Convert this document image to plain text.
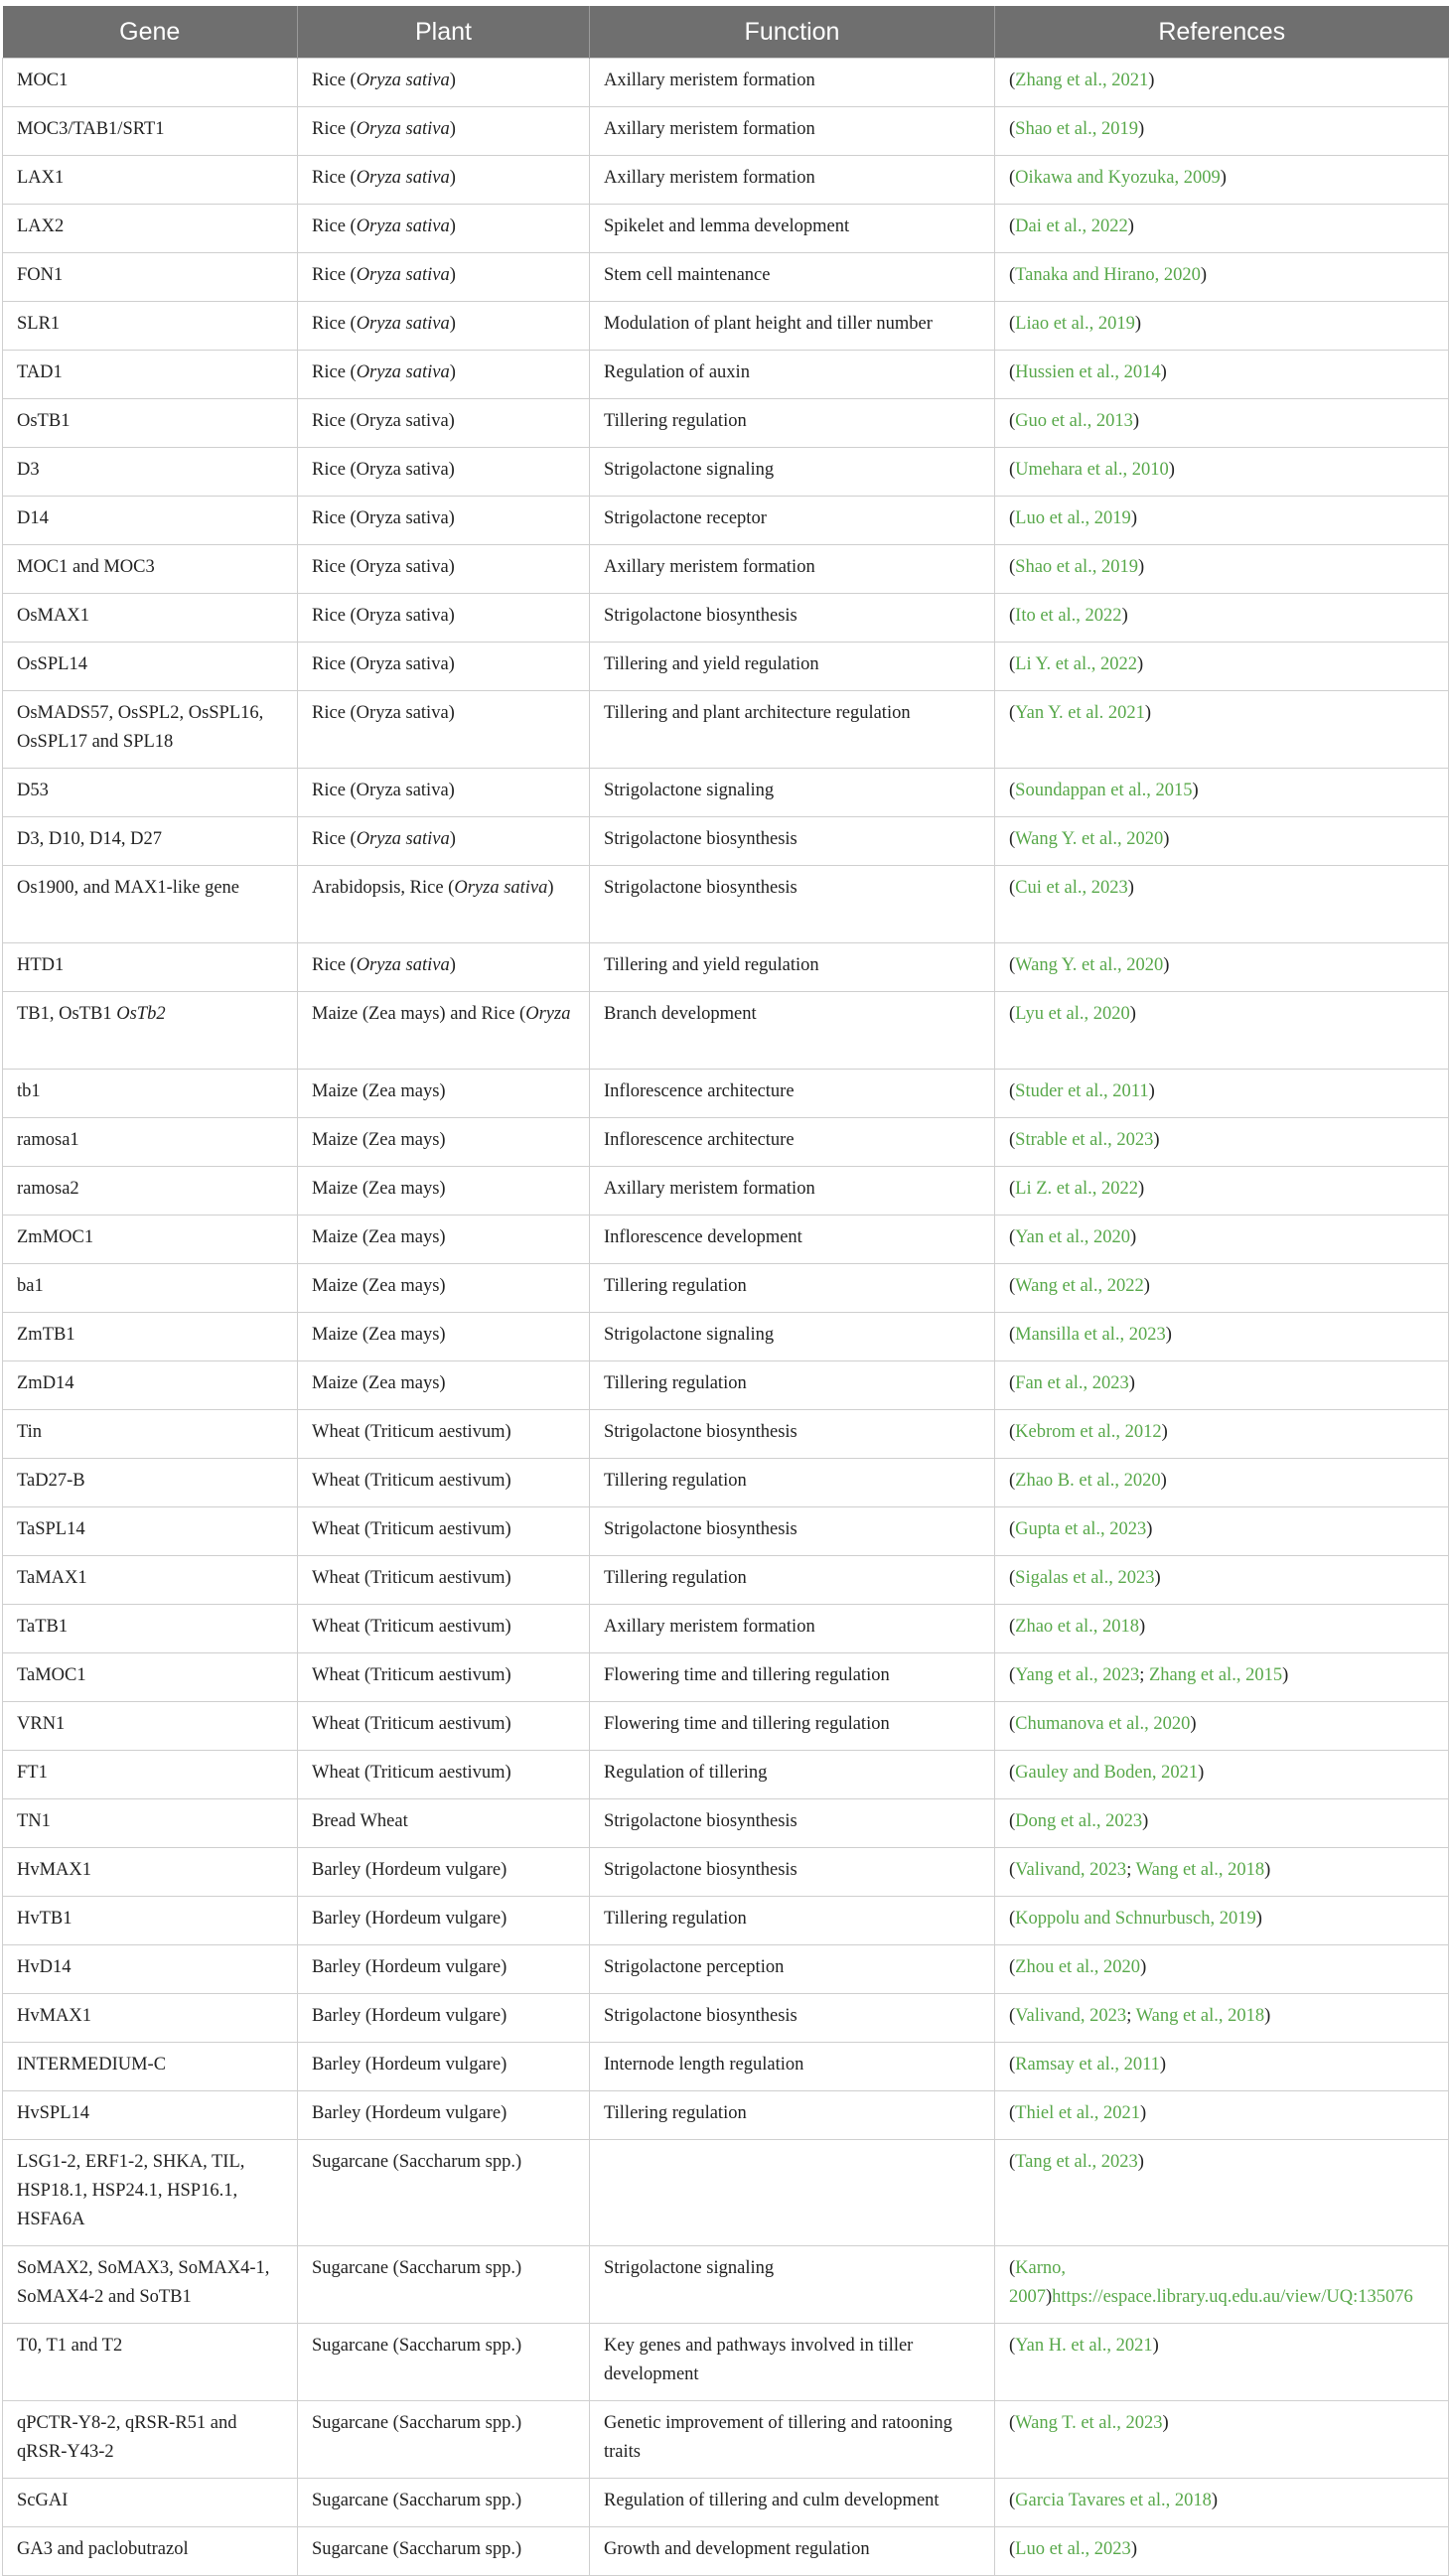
Gene	Plant	Function	References
MOC1	Rice (Oryza sativa)	Axillary meristem formation	(Zhang et al., 2021)
MOC3/TAB1/SRT1	Rice (Oryza sativa)	Axillary meristem formation	(Shao et al., 2019)
LAX1	Rice (Oryza sativa)	Axillary meristem formation	(Oikawa and Kyozuka, 2009)
LAX2	Rice (Oryza sativa)	Spikelet and lemma development	(Dai et al., 2022)
FON1	Rice (Oryza sativa)	Stem cell maintenance	(Tanaka and Hirano, 2020)
SLR1	Rice (Oryza sativa)	Modulation of plant height and tiller number	(Liao et al., 2019)
TAD1	Rice (Oryza sativa)	Regulation of auxin	(Hussien et al., 2014)
OsTB1	Rice (Oryza sativa)	Tillering regulation	(Guo et al., 2013)
D3	Rice (Oryza sativa)	Strigolactone signaling	(Umehara et al., 2010)
D14	Rice (Oryza sativa)	Strigolactone receptor	(Luo et al., 2019)
MOC1 and MOC3	Rice (Oryza sativa)	Axillary meristem formation	(Shao et al., 2019)
OsMAX1	Rice (Oryza sativa)	Strigolactone biosynthesis	(Ito et al., 2022)
OsSPL14	Rice (Oryza sativa)	Tillering and yield regulation	(Li Y. et al., 2022)
OsMADS57, OsSPL2, OsSPL16, OsSPL17 and SPL18	Rice (Oryza sativa)	Tillering and plant architecture regulation	(Yan Y. et al. 2021)
D53	Rice (Oryza sativa)	Strigolactone signaling	(Soundappan et al., 2015)
D3, D10, D14, D27	Rice (Oryza sativa)	Strigolactone biosynthesis	(Wang Y. et al., 2020)
Os1900, and MAX1-like gene	Arabidopsis, Rice (Oryza sativa)	Strigolactone biosynthesis	(Cui et al., 2023)
HTD1	Rice (Oryza sativa)	Tillering and yield regulation	(Wang Y. et al., 2020)
TB1, OsTB1 OsTb2	Maize (Zea mays) and Rice (Oryza	Branch development	(Lyu et al., 2020)
tb1	Maize (Zea mays)	Inflorescence architecture	(Studer et al., 2011)
ramosa1	Maize (Zea mays)	Inflorescence architecture	(Strable et al., 2023)
ramosa2	Maize (Zea mays)	Axillary meristem formation	(Li Z. et al., 2022)
ZmMOC1	Maize (Zea mays)	Inflorescence development	(Yan et al., 2020)
ba1	Maize (Zea mays)	Tillering regulation	(Wang et al., 2022)
ZmTB1	Maize (Zea mays)	Strigolactone signaling	(Mansilla et al., 2023)
ZmD14	Maize (Zea mays)	Tillering regulation	(Fan et al., 2023)
Tin	Wheat (Triticum aestivum)	Strigolactone biosynthesis	(Kebrom et al., 2012)
TaD27-B	Wheat (Triticum aestivum)	Tillering regulation	(Zhao B. et al., 2020)
TaSPL14	Wheat (Triticum aestivum)	Strigolactone biosynthesis	(Gupta et al., 2023)
TaMAX1	Wheat (Triticum aestivum)	Tillering regulation	(Sigalas et al., 2023)
TaTB1	Wheat (Triticum aestivum)	Axillary meristem formation	(Zhao et al., 2018)
TaMOC1	Wheat (Triticum aestivum)	Flowering time and tillering regulation	(Yang et al., 2023; Zhang et al., 2015)
VRN1	Wheat (Triticum aestivum)	Flowering time and tillering regulation	(Chumanova et al., 2020)
FT1	Wheat (Triticum aestivum)	Regulation of tillering	(Gauley and Boden, 2021)
TN1	Bread Wheat	Strigolactone biosynthesis	(Dong et al., 2023)
HvMAX1	Barley (Hordeum vulgare)	Strigolactone biosynthesis	(Valivand, 2023; Wang et al., 2018)
HvTB1	Barley (Hordeum vulgare)	Tillering regulation	(Koppolu and Schnurbusch, 2019)
HvD14	Barley (Hordeum vulgare)	Strigolactone perception	(Zhou et al., 2020)
HvMAX1	Barley (Hordeum vulgare)	Strigolactone biosynthesis	(Valivand, 2023; Wang et al., 2018)
INTERMEDIUM-C	Barley (Hordeum vulgare)	Internode length regulation	(Ramsay et al., 2011)
HvSPL14	Barley (Hordeum vulgare)	Tillering regulation	(Thiel et al., 2021)
LSG1-2, ERF1-2, SHKA, TIL, HSP18.1, HSP24.1, HSP16.1, HSFA6A	Sugarcane (Saccharum spp.)		(Tang et al., 2023)
SoMAX2, SoMAX3, SoMAX4-1, SoMAX4-2 and SoTB1	Sugarcane (Saccharum spp.)	Strigolactone signaling	(Karno, 2007)https://espace.library.uq.edu.au/view/UQ:135076
T0, T1 and T2	Sugarcane (Saccharum spp.)	Key genes and pathways involved in tiller development	(Yan H. et al., 2021)
qPCTR-Y8-2, qRSR-R51 and qRSR-Y43-2	Sugarcane (Saccharum spp.)	Genetic improvement of tillering and ratooning traits	(Wang T. et al., 2023)
ScGAI	Sugarcane (Saccharum spp.)	Regulation of tillering and culm development	(Garcia Tavares et al., 2018)
GA3 and paclobutrazol	Sugarcane (Saccharum spp.)	Growth and development regulation	(Luo et al., 2023)
